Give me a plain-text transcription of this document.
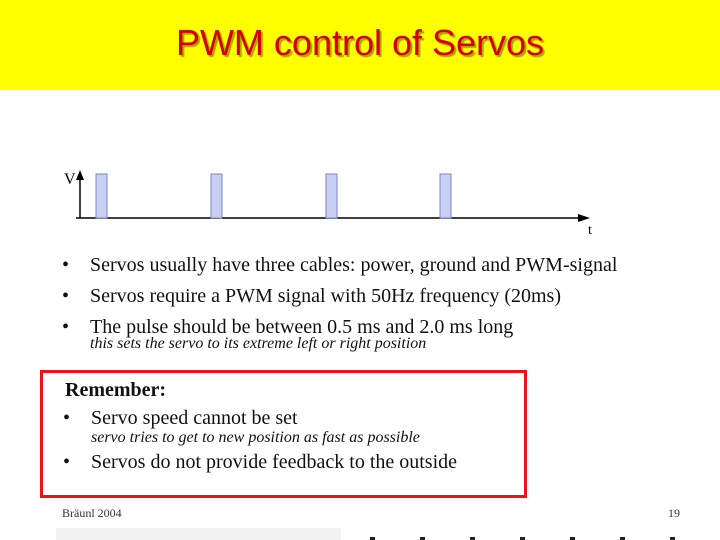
PWM control of Servos
V
t
• Servos usually have three cables: power, ground and PWM-signal
• Servos require a PWM signal with 50Hz frequency (20ms)
• The pulse should be between 0.5 ms and 2.0 ms long
this sets the servo to its extreme left or right position
Remember:
• Servo speed cannot be set
servo tries to get to new position as fast as possible
• Servos do not provide feedback to the outside
Bräunl 2004	19
